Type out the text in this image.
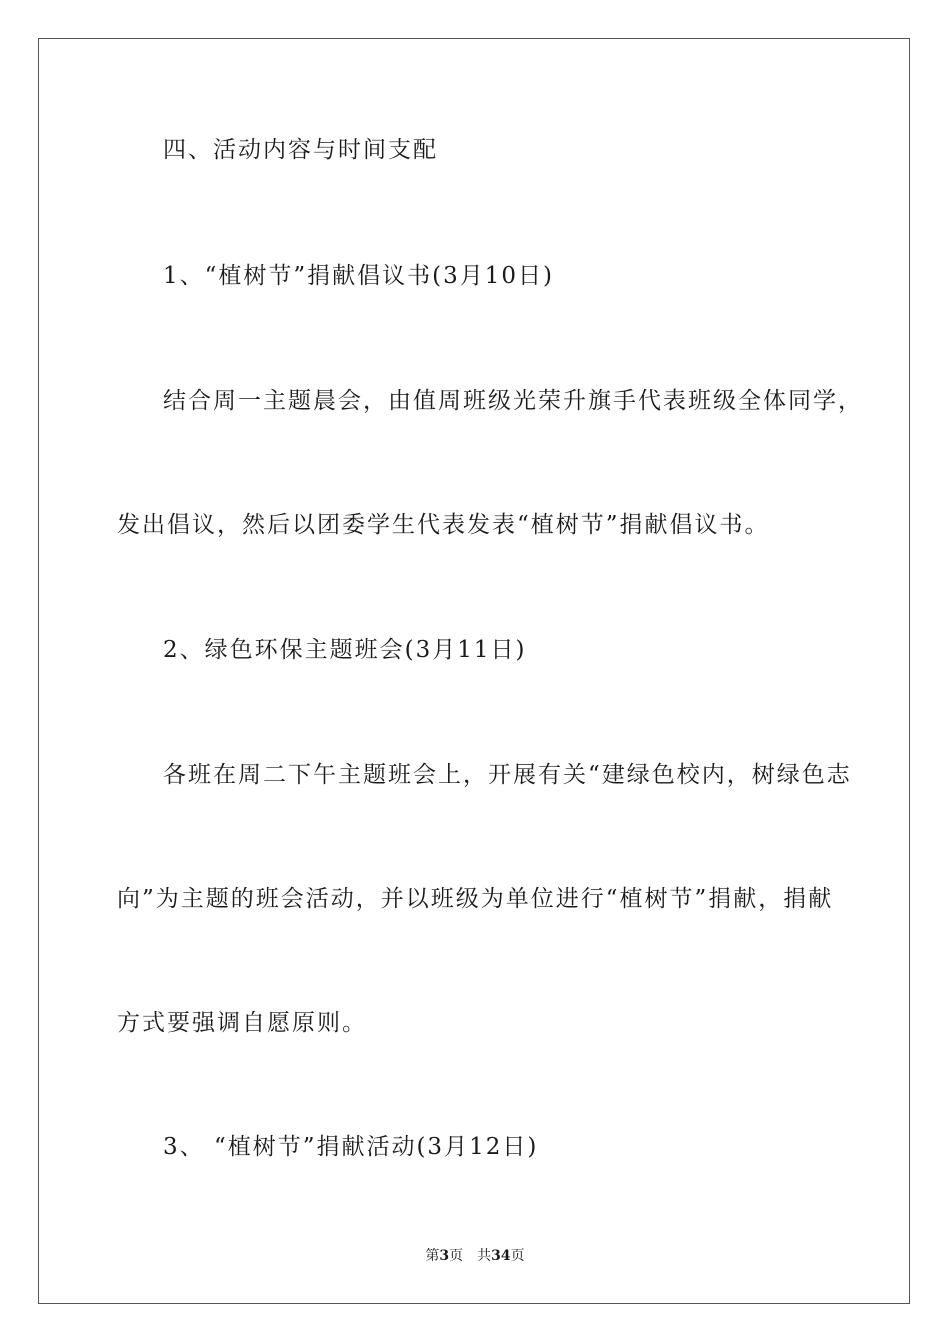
四、活动内容与时间支配
1、“植树节”捐献倡议书(3月10日)
结合周一主题晨会，由值周班级光荣升旗手代表班级全体同学，
发出倡议，然后以团委学生代表发表“植树节”捐献倡议书。
2、绿色环保主题班会(3月11日)
各班在周二下午主题班会上，开展有关“建绿色校内，树绿色志
向”为主题的班会活动，并以班级为单位进行“植树节”捐献，捐献
方式要强调自愿原则。
3、 “植树节”捐献活动(3月12日)
第3页 共34页
